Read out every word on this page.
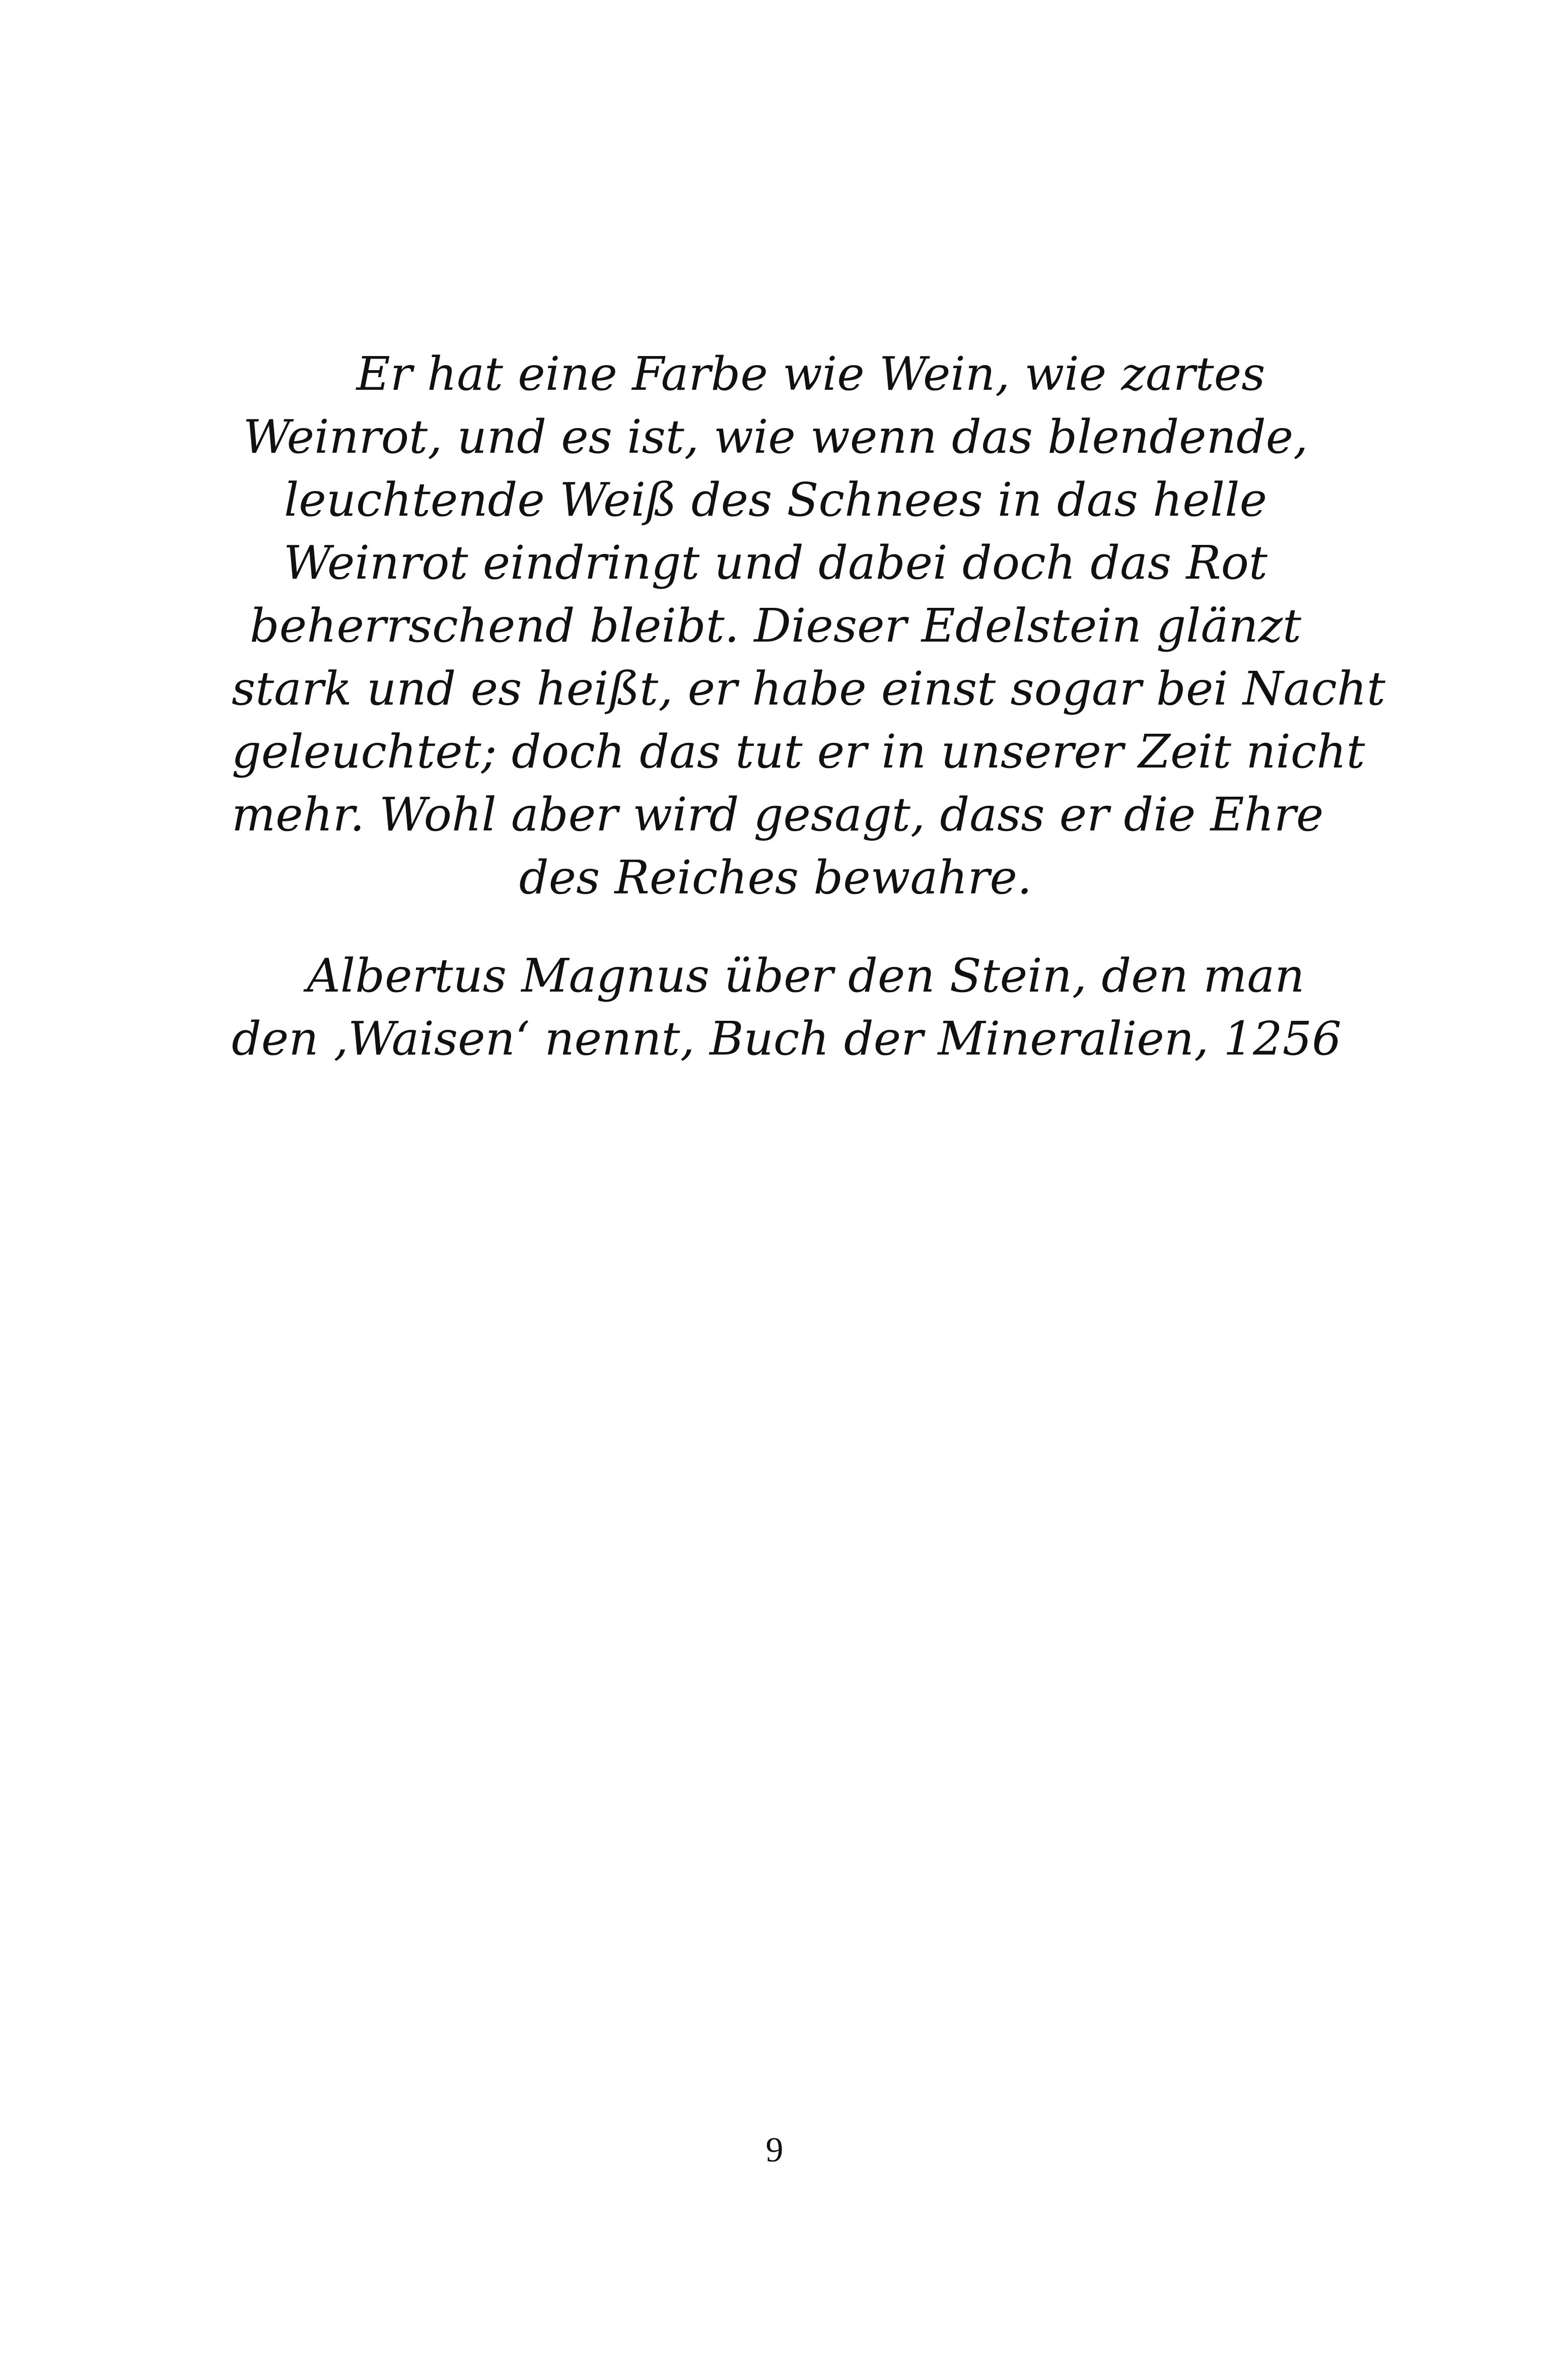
Er hat eine Farbe wie Wein, wie zartes
Weinrot, und es ist, wie wenn das blendende,
leuchtende Weiß des Schnees in das helle
Weinrot eindringt und dabei doch das Rot
beherrschend bleibt. Dieser Edelstein glänzt
stark und es heißt, er habe einst sogar bei Nacht
geleuchtet; doch das tut er in unserer Zeit nicht
mehr. Wohl aber wird gesagt, dass er die Ehre
des Reiches bewahre.

Albertus Magnus über den Stein, den man
den ‚Waisen‘ nennt, Buch der Mineralien, 1256

9
